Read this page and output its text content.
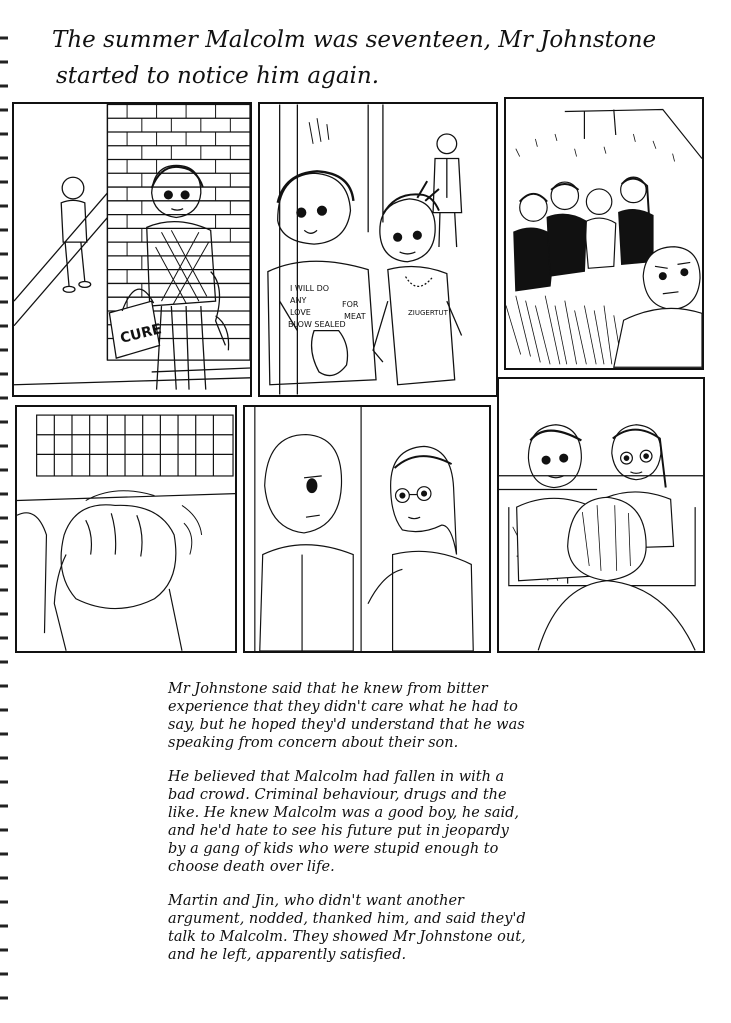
The summer Malcolm was seventeen, Mr Johnstone
started to notice him again.
CURE
I WILL DO
ANY	FOR
LOVE	MEAT
BLOW SEALED
ZIUGERTUT

Mr Johnstone said that he knew from bitter experience that they didn't care what he had to say, but he hoped they'd understand that he was speaking from concern about their son.

He believed that Malcolm had fallen in with a bad crowd. Criminal behaviour, drugs and the like. He knew Malcolm was a good boy, he said, and he'd hate to see his future put in jeopardy by a gang of kids who were stupid enough to choose death over life.

Martin and Jin, who didn't want another argument, nodded, thanked him, and said they'd talk to Malcolm. They showed Mr Johnstone out, and he left, apparently satisfied.
